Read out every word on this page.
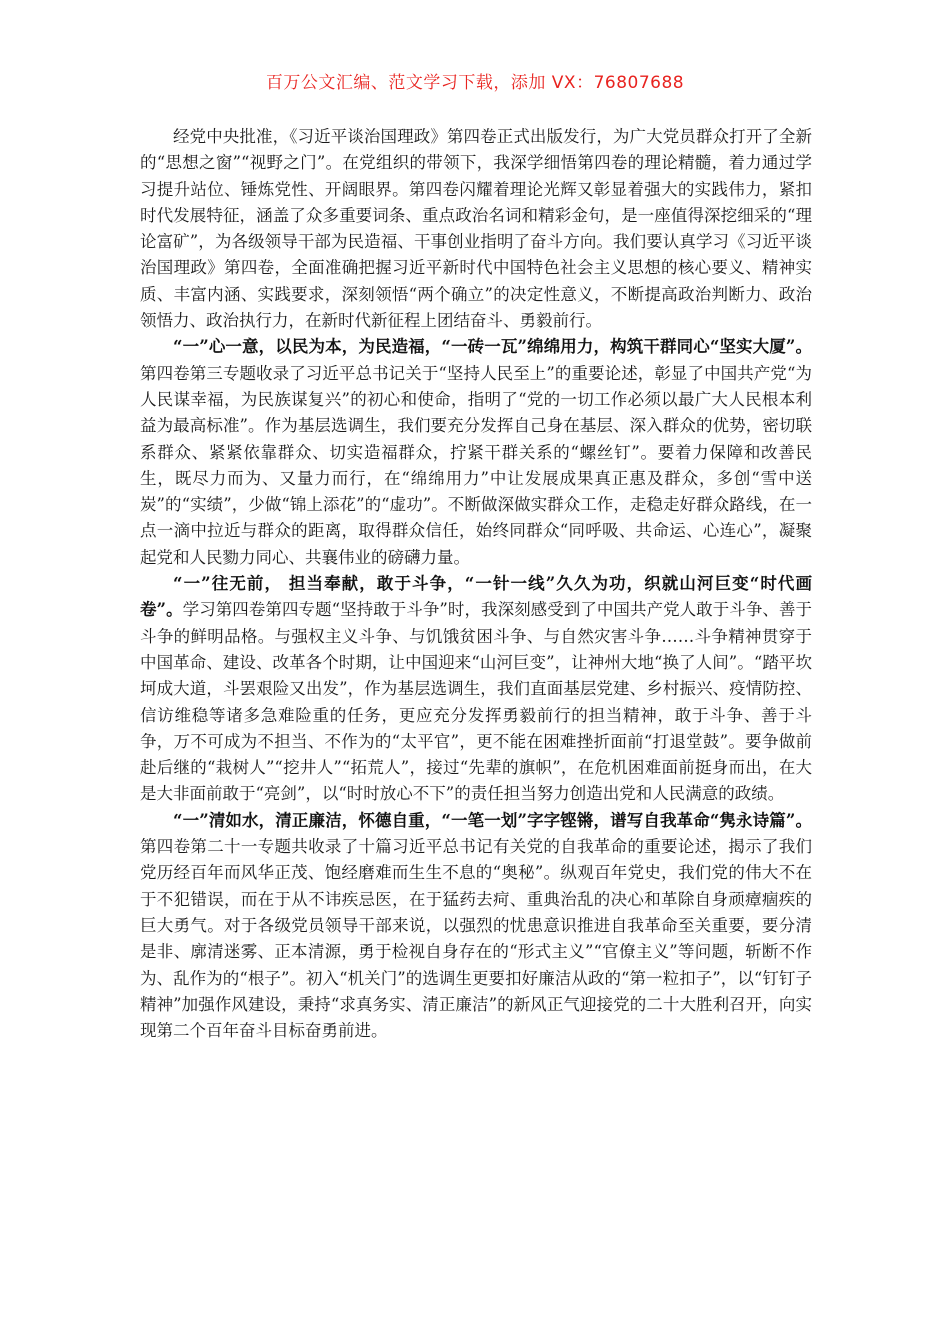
百万公文汇编、范文学习下载，添加 VX：76807688

经党中央批准，《习近平谈治国理政》第四卷正式出版发行，为广大党员群众打开了全新的“思想之窗”“视野之门”。在党组织的带领下，我深学细悟第四卷的理论精髓，着力通过学习提升站位、锤炼党性、开阔眼界。第四卷闪耀着理论光辉又彰显着强大的实践伟力，紧扣时代发展特征，涵盖了众多重要词条、重点政治名词和精彩金句，是一座值得深挖细采的“理论富矿”，为各级领导干部为民造福、干事创业指明了奋斗方向。我们要认真学习《习近平谈治国理政》第四卷，全面准确把握习近平新时代中国特色社会主义思想的核心要义、精神实质、丰富内涵、实践要求，深刻领悟“两个确立”的决定性意义，不断提高政治判断力、政治领悟力、政治执行力，在新时代新征程上团结奋斗、勇毅前行。

“一”心一意，以民为本，为民造福，“一砖一瓦”绵绵用力，构筑干群同心“坚实大厦”。第四卷第三专题收录了习近平总书记关于“坚持人民至上”的重要论述，彰显了中国共产党“为人民谋幸福，为民族谋复兴”的初心和使命，指明了“党的一切工作必须以最广大人民根本利益为最高标准”。作为基层选调生，我们要充分发挥自己身在基层、深入群众的优势，密切联系群众、紧紧依靠群众、切实造福群众，拧紧干群关系的“螺丝钉”。要着力保障和改善民生，既尽力而为、又量力而行，在“绵绵用力”中让发展成果真正惠及群众，多创“雪中送炭”的“实绩”，少做“锦上添花”的“虚功”。不断做深做实群众工作，走稳走好群众路线，在一点一滴中拉近与群众的距离，取得群众信任，始终同群众“同呼吸、共命运、心连心”，凝聚起党和人民勠力同心、共襄伟业的磅礴力量。

“一”往无前， 担当奉献，敢于斗争，“一针一线”久久为功，织就山河巨变“时代画卷”。学习第四卷第四专题“坚持敢于斗争”时，我深刻感受到了中国共产党人敢于斗争、善于斗争的鲜明品格。与强权主义斗争、与饥饿贫困斗争、与自然灾害斗争……斗争精神贯穿于中国革命、建设、改革各个时期，让中国迎来“山河巨变”，让神州大地“换了人间”。“踏平坎坷成大道，斗罢艰险又出发”，作为基层选调生，我们直面基层党建、乡村振兴、疫情防控、信访维稳等诸多急难险重的任务，更应充分发挥勇毅前行的担当精神，敢于斗争、善于斗争，万不可成为不担当、不作为的“太平官”，更不能在困难挫折面前“打退堂鼓”。要争做前赴后继的“栽树人”“挖井人”“拓荒人”，接过“先辈的旗帜”，在危机困难面前挺身而出，在大是大非面前敢于“亮剑”，以“时时放心不下”的责任担当努力创造出党和人民满意的政绩。

“一”清如水，清正廉洁，怀德自重，“一笔一划”字字铿锵，谱写自我革命“隽永诗篇”。第四卷第二十一专题共收录了十篇习近平总书记有关党的自我革命的重要论述，揭示了我们党历经百年而风华正茂、饱经磨难而生生不息的“奥秘”。纵观百年党史，我们党的伟大不在于不犯错误，而在于从不讳疾忌医，在于猛药去疴、重典治乱的决心和革除自身顽瘴痼疾的巨大勇气。对于各级党员领导干部来说，以强烈的忧患意识推进自我革命至关重要，要分清是非、廓清迷雾、正本清源，勇于检视自身存在的“形式主义”“官僚主义”等问题，斩断不作为、乱作为的“根子”。初入“机关门”的选调生更要扣好廉洁从政的“第一粒扣子”，以“钉钉子精神”加强作风建设，秉持“求真务实、清正廉洁”的新风正气迎接党的二十大胜利召开，向实现第二个百年奋斗目标奋勇前进。
